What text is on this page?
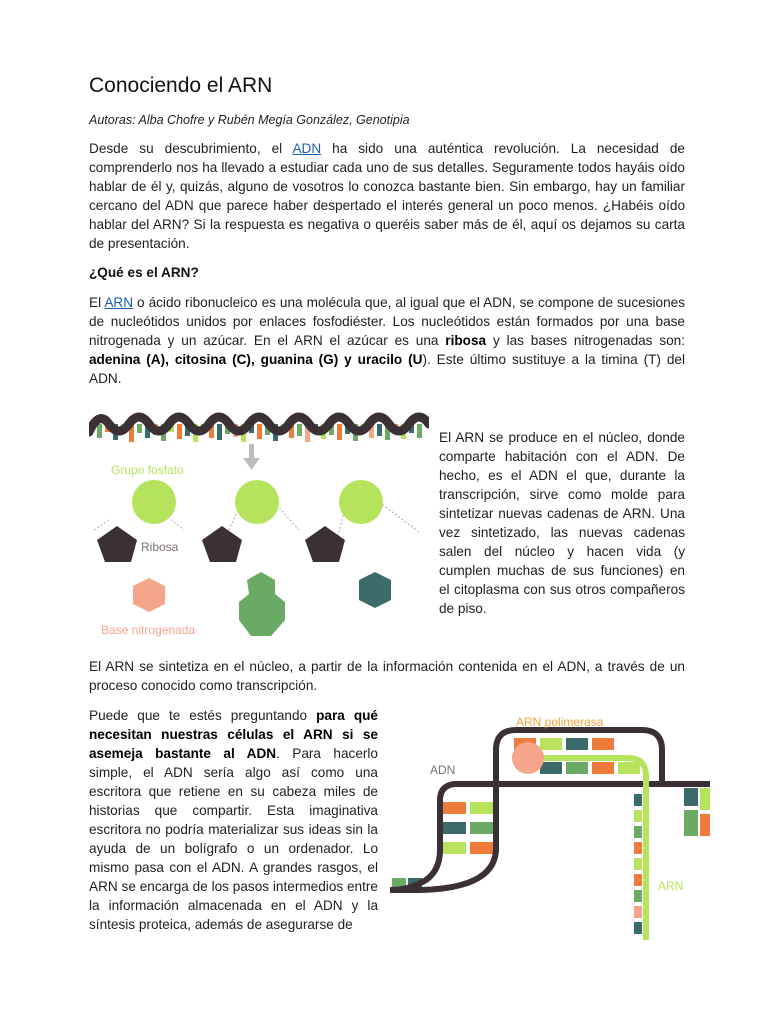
Conociendo el ARN

Autoras: Alba Chofre y Rubén Megía González, Genotipia

Desde su descubrimiento, el ADN ha sido una auténtica revolución. La necesidad de comprenderlo nos ha llevado a estudiar cada uno de sus detalles. Seguramente todos hayáis oído hablar de él y, quizás, alguno de vosotros lo conozca bastante bien. Sin embargo, hay un familiar cercano del ADN que parece haber despertado el interés general un poco menos. ¿Habéis oído hablar del ARN? Si la respuesta es negativa o queréis saber más de él, aquí os dejamos su carta de presentación.

¿Qué es el ARN?

El ARN o ácido ribonucleico es una molécula que, al igual que el ADN, se compone de sucesiones de nucleótidos unidos por enlaces fosfodiéster. Los nucleótidos están formados por una base nitrogenada y un azúcar. En el ARN el azúcar es una ribosa y las bases nitrogenadas son: adenina (A), citosina (C), guanina (G) y uracilo (U). Este último sustituye a la timina (T) del ADN.

Grupo fosfato
Ribosa
Base nitrogenada

El ARN se produce en el núcleo, donde comparte habitación con el ADN. De hecho, es el ADN el que, durante la transcripción, sirve como molde para sintetizar nuevas cadenas de ARN. Una vez sintetizado, las nuevas cadenas salen del núcleo y hacen vida (y cumplen muchas de sus funciones) en el citoplasma con sus otros compañeros de piso.

El ARN se sintetiza en el núcleo, a partir de la información contenida en el ADN, a través de un proceso conocido como transcripción.

Puede que te estés preguntando para qué necesitan nuestras células el ARN si se asemeja bastante al ADN. Para hacerlo simple, el ADN sería algo así como una escritora que retiene en su cabeza miles de historias que compartir. Esta imaginativa escritora no podría materializar sus ideas sin la ayuda de un bolígrafo o un ordenador. Lo mismo pasa con el ADN. A grandes rasgos, el ARN se encarga de los pasos intermedios entre la información almacenada en el ADN y la síntesis proteica, además de asegurarse de

ARN polimerasa
ADN
ARN
